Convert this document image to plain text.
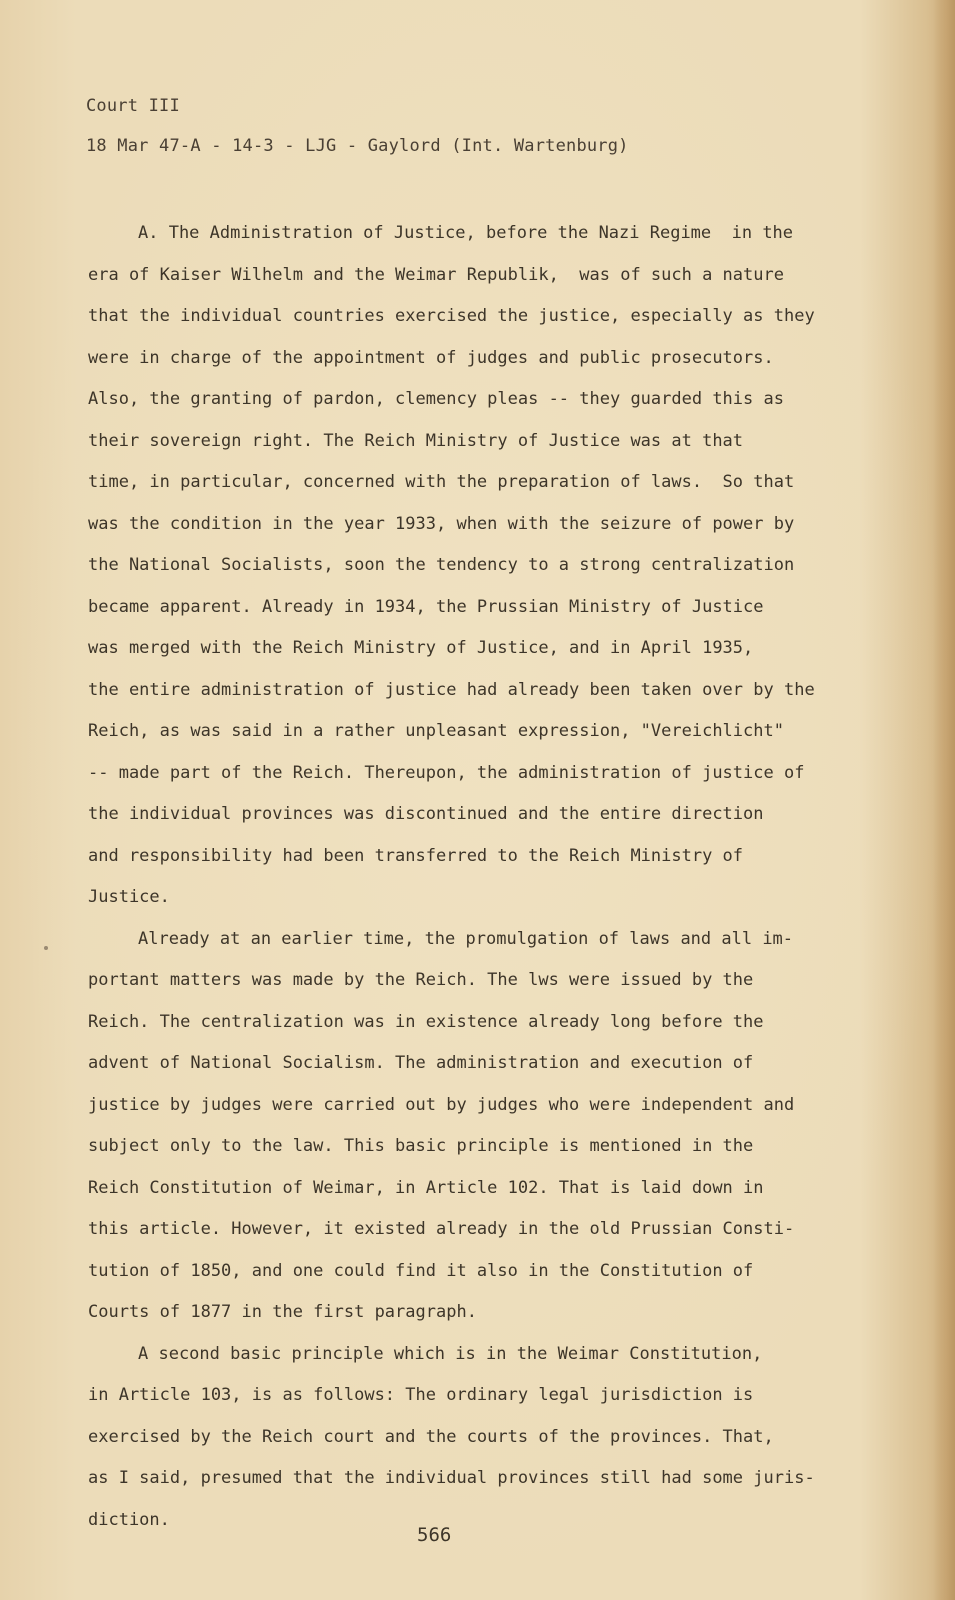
Court III
18 Mar 47-A - 14-3 - LJG - Gaylord (Int. Wartenburg)
A. The Administration of Justice, before the Nazi Regime  in the
era of Kaiser Wilhelm and the Weimar Republik,  was of such a nature
that the individual countries exercised the justice, especially as they
were in charge of the appointment of judges and public prosecutors.
Also, the granting of pardon, clemency pleas -- they guarded this as
their sovereign right. The Reich Ministry of Justice was at that
time, in particular, concerned with the preparation of laws.  So that
was the condition in the year 1933, when with the seizure of power by
the National Socialists, soon the tendency to a strong centralization
became apparent. Already in 1934, the Prussian Ministry of Justice
was merged with the Reich Ministry of Justice, and in April 1935,
the entire administration of justice had already been taken over by the
Reich, as was said in a rather unpleasant expression, "Vereichlicht"
-- made part of the Reich. Thereupon, the administration of justice of
the individual provinces was discontinued and the entire direction
and responsibility had been transferred to the Reich Ministry of
Justice.
Already at an earlier time, the promulgation of laws and all im-
portant matters was made by the Reich. The lws were issued by the
Reich. The centralization was in existence already long before the
advent of National Socialism. The administration and execution of
justice by judges were carried out by judges who were independent and
subject only to the law. This basic principle is mentioned in the
Reich Constitution of Weimar, in Article 102. That is laid down in
this article. However, it existed already in the old Prussian Consti-
tution of 1850, and one could find it also in the Constitution of
Courts of 1877 in the first paragraph.
A second basic principle which is in the Weimar Constitution,
in Article 103, is as follows: The ordinary legal jurisdiction is
exercised by the Reich court and the courts of the provinces. That,
as I said, presumed that the individual provinces still had some juris-
diction.
566
